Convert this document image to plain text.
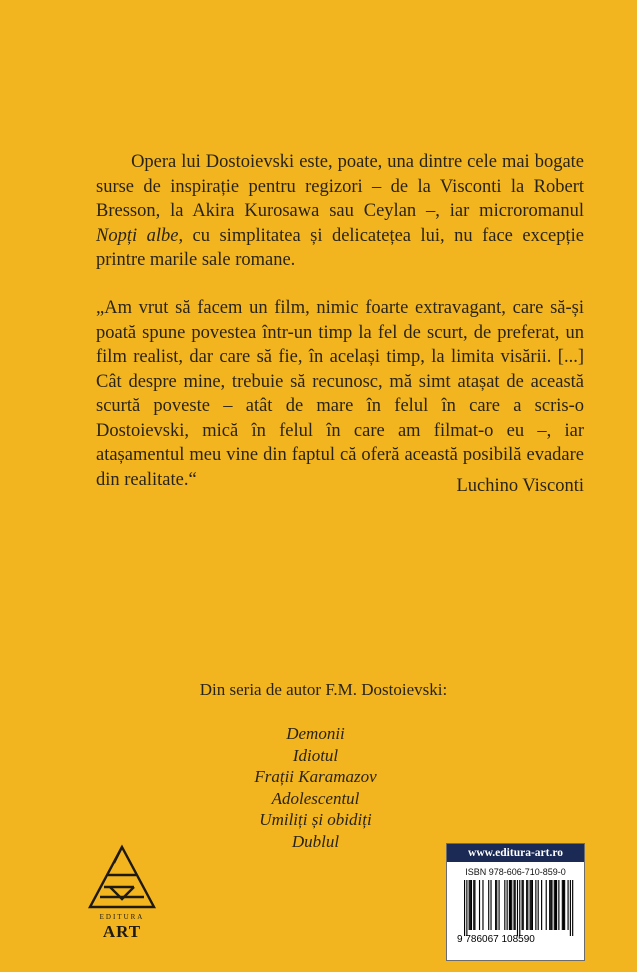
Opera lui Dostoievski este, poate, una dintre cele mai bogate surse de inspirație pentru regizori – de la Visconti la Robert Bresson, la Akira Kurosawa sau Ceylan –, iar microromanul Nopți albe, cu simplitatea și delicatețea lui, nu face excepție printre marile sale romane.

„Am vrut să facem un film, nimic foarte extravagant, care să-și poată spune povestea într-un timp la fel de scurt, de preferat, un film realist, dar care să fie, în același timp, la limita visării. [...] Cât despre mine, trebuie să recunosc, mă simt atașat de această scurtă poveste – atât de mare în felul în care a scris-o Dostoievski, mică în felul în care am filmat-o eu –, iar atașamentul meu vine din faptul că oferă această posibilă evadare din realitate.“	Luchino Visconti

Din seria de autor F.M. Dostoievski:

Demonii
Idiotul
Frații Karamazov
Adolescentul
Umiliți și obidiți
Dublul
EDITURA
ART
www.editura-art.ro
ISBN 978-606-710-859-0
9 786067 108590
